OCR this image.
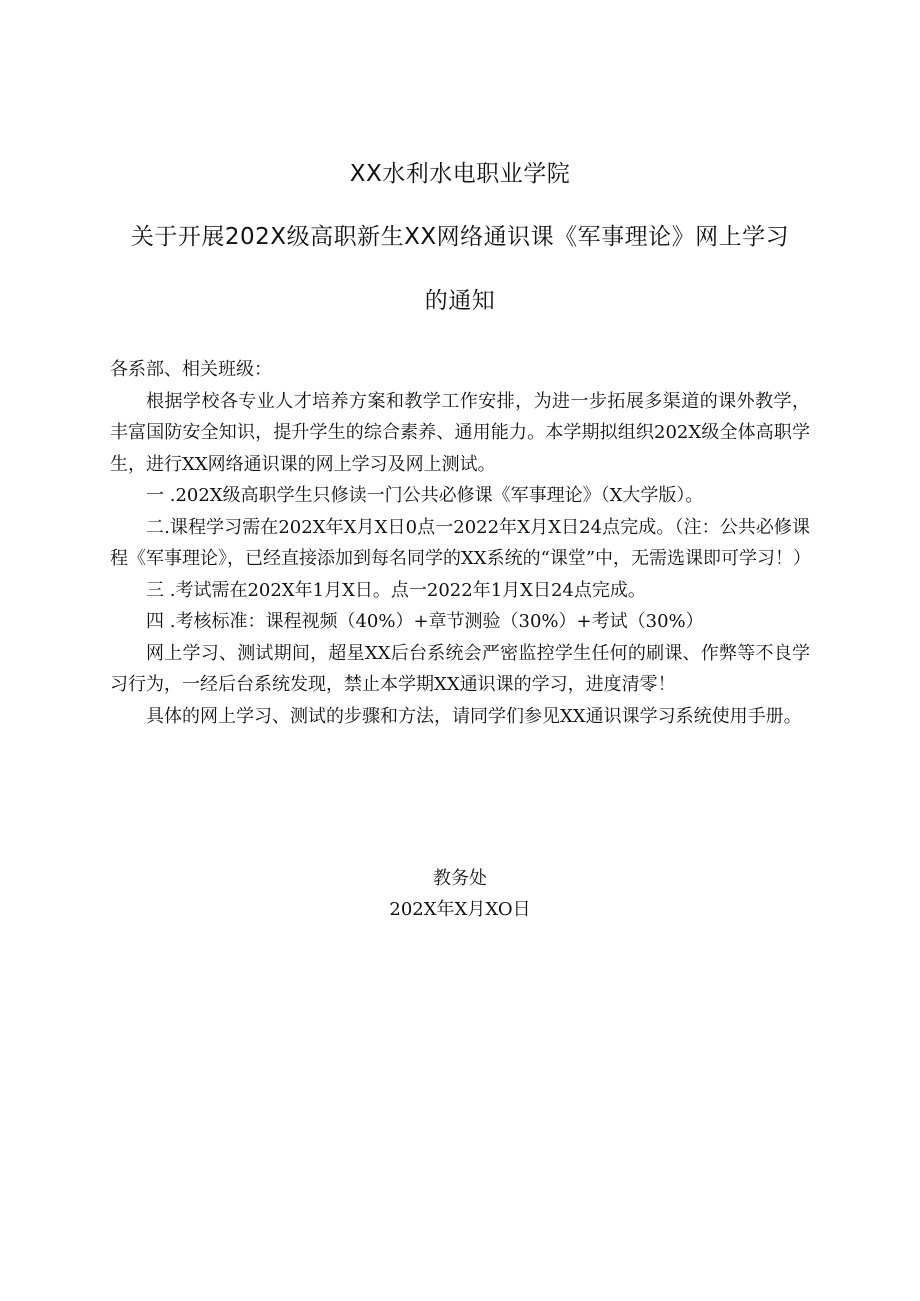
XX水利水电职业学院
关于开展202X级高职新生XX网络通识课《军事理论》网上学习
的通知

各系部、相关班级：

根据学校各专业人才培养方案和教学工作安排，为进一步拓展多渠道的课外教学，丰富国防安全知识，提升学生的综合素养、通用能力。本学期拟组织202X级全体高职学生，进行XX网络通识课的网上学习及网上测试。

一 .202X级高职学生只修读一门公共必修课《军事理论》（X大学版）。

二.课程学习需在202X年X月X日0点一2022年X月X日24点完成。（注：公共必修课程《军事理论》，已经直接添加到每名同学的XX系统的“课堂”中，无需选课即可学习！）

三 .考试需在202X年1月X日。点一2022年1月X日24点完成。

四 .考核标准：课程视频（40%）+章节测验（30%）+考试（30%）

网上学习、测试期间，超星XX后台系统会严密监控学生任何的刷课、作弊等不良学习行为，一经后台系统发现，禁止本学期XX通识课的学习，进度清零！

具体的网上学习、测试的步骤和方法，请同学们参见XX通识课学习系统使用手册。

教务处
202X年X月XO日
